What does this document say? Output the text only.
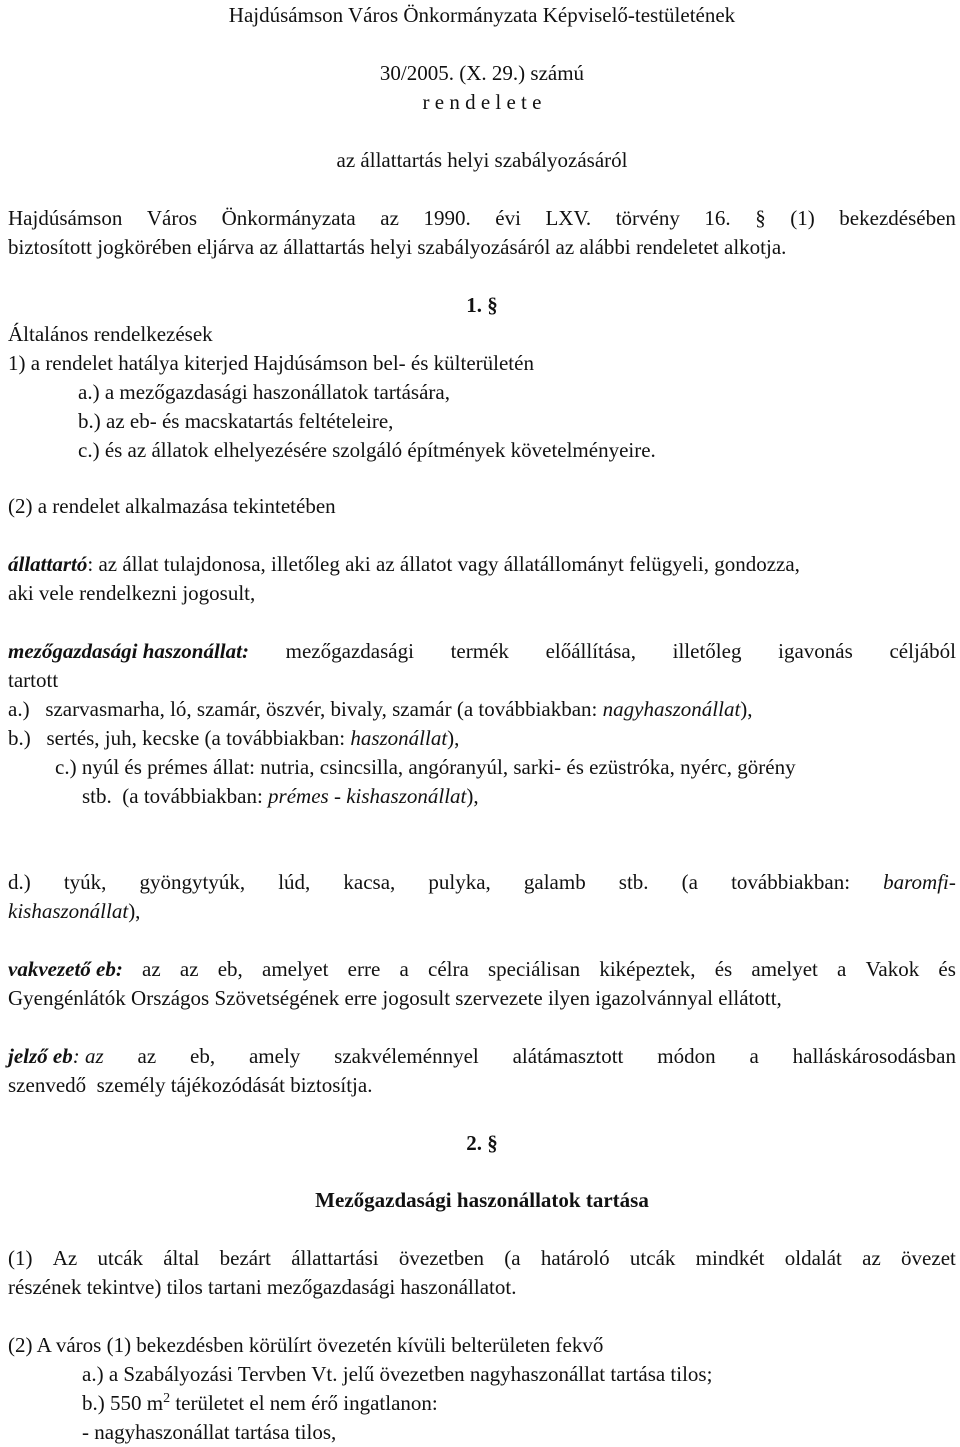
Hajdúsámson Város Önkormányzata Képviselő-testületének
30/2005. (X. 29.) számú
r e n d e l e t e
az állattartás helyi szabályozásáról
Hajdúsámson Város Önkormányzata az 1990. évi LXV. törvény 16. § (1) bekezdésében
biztosított jogkörében eljárva az állattartás helyi szabályozásáról az alábbi rendeletet alkotja.
1. §
Általános rendelkezések
1) a rendelet hatálya kiterjed Hajdúsámson bel- és külterületén
a.) a mezőgazdasági haszonállatok tartására,
b.) az eb- és macskatartás feltételeire,
c.) és az állatok elhelyezésére szolgáló építmények követelményeire.
(2) a rendelet alkalmazása tekintetében
állattartó: az állat tulajdonosa, illetőleg aki az állatot vagy állatállományt felügyeli, gondozza,
aki vele rendelkezni jogosult,
mezőgazdasági haszonállat: mezőgazdasági termék előállítása, illetőleg igavonás céljából
tartott
a.)   szarvasmarha, ló, szamár, öszvér, bivaly, szamár (a továbbiakban: nagyhaszonállat),
b.)   sertés, juh, kecske (a továbbiakban: haszonállat),
c.) nyúl és prémes állat: nutria, csincsilla, angóranyúl, sarki- és ezüstróka, nyérc, görény
stb.  (a továbbiakban: prémes - kishaszonállat),
d.) tyúk, gyöngytyúk, lúd, kacsa, pulyka, galamb stb. (a továbbiakban: baromfi-
kishaszonállat),
vakvezető eb: az az eb, amelyet erre a célra speciálisan kiképeztek, és amelyet a Vakok és
Gyengénlátók Országos Szövetségének erre jogosult szervezete ilyen igazolvánnyal ellátott,
jelző eb: az az eb, amely szakvéleménnyel alátámasztott módon a halláskárosodásban
szenvedő  személy tájékozódását biztosítja.
2. §
Mezőgazdasági haszonállatok tartása
(1) Az utcák által bezárt állattartási övezetben (a határoló utcák mindkét oldalát az övezet
részének tekintve) tilos tartani mezőgazdasági haszonállatot.
(2) A város (1) bekezdésben körülírt övezetén kívüli belterületen fekvő
a.) a Szabályozási Tervben Vt. jelű övezetben nagyhaszonállat tartása tilos;
b.) 550 $m^2$ területet el nem érő ingatlanon:
- nagyhaszonállat tartása tilos,
